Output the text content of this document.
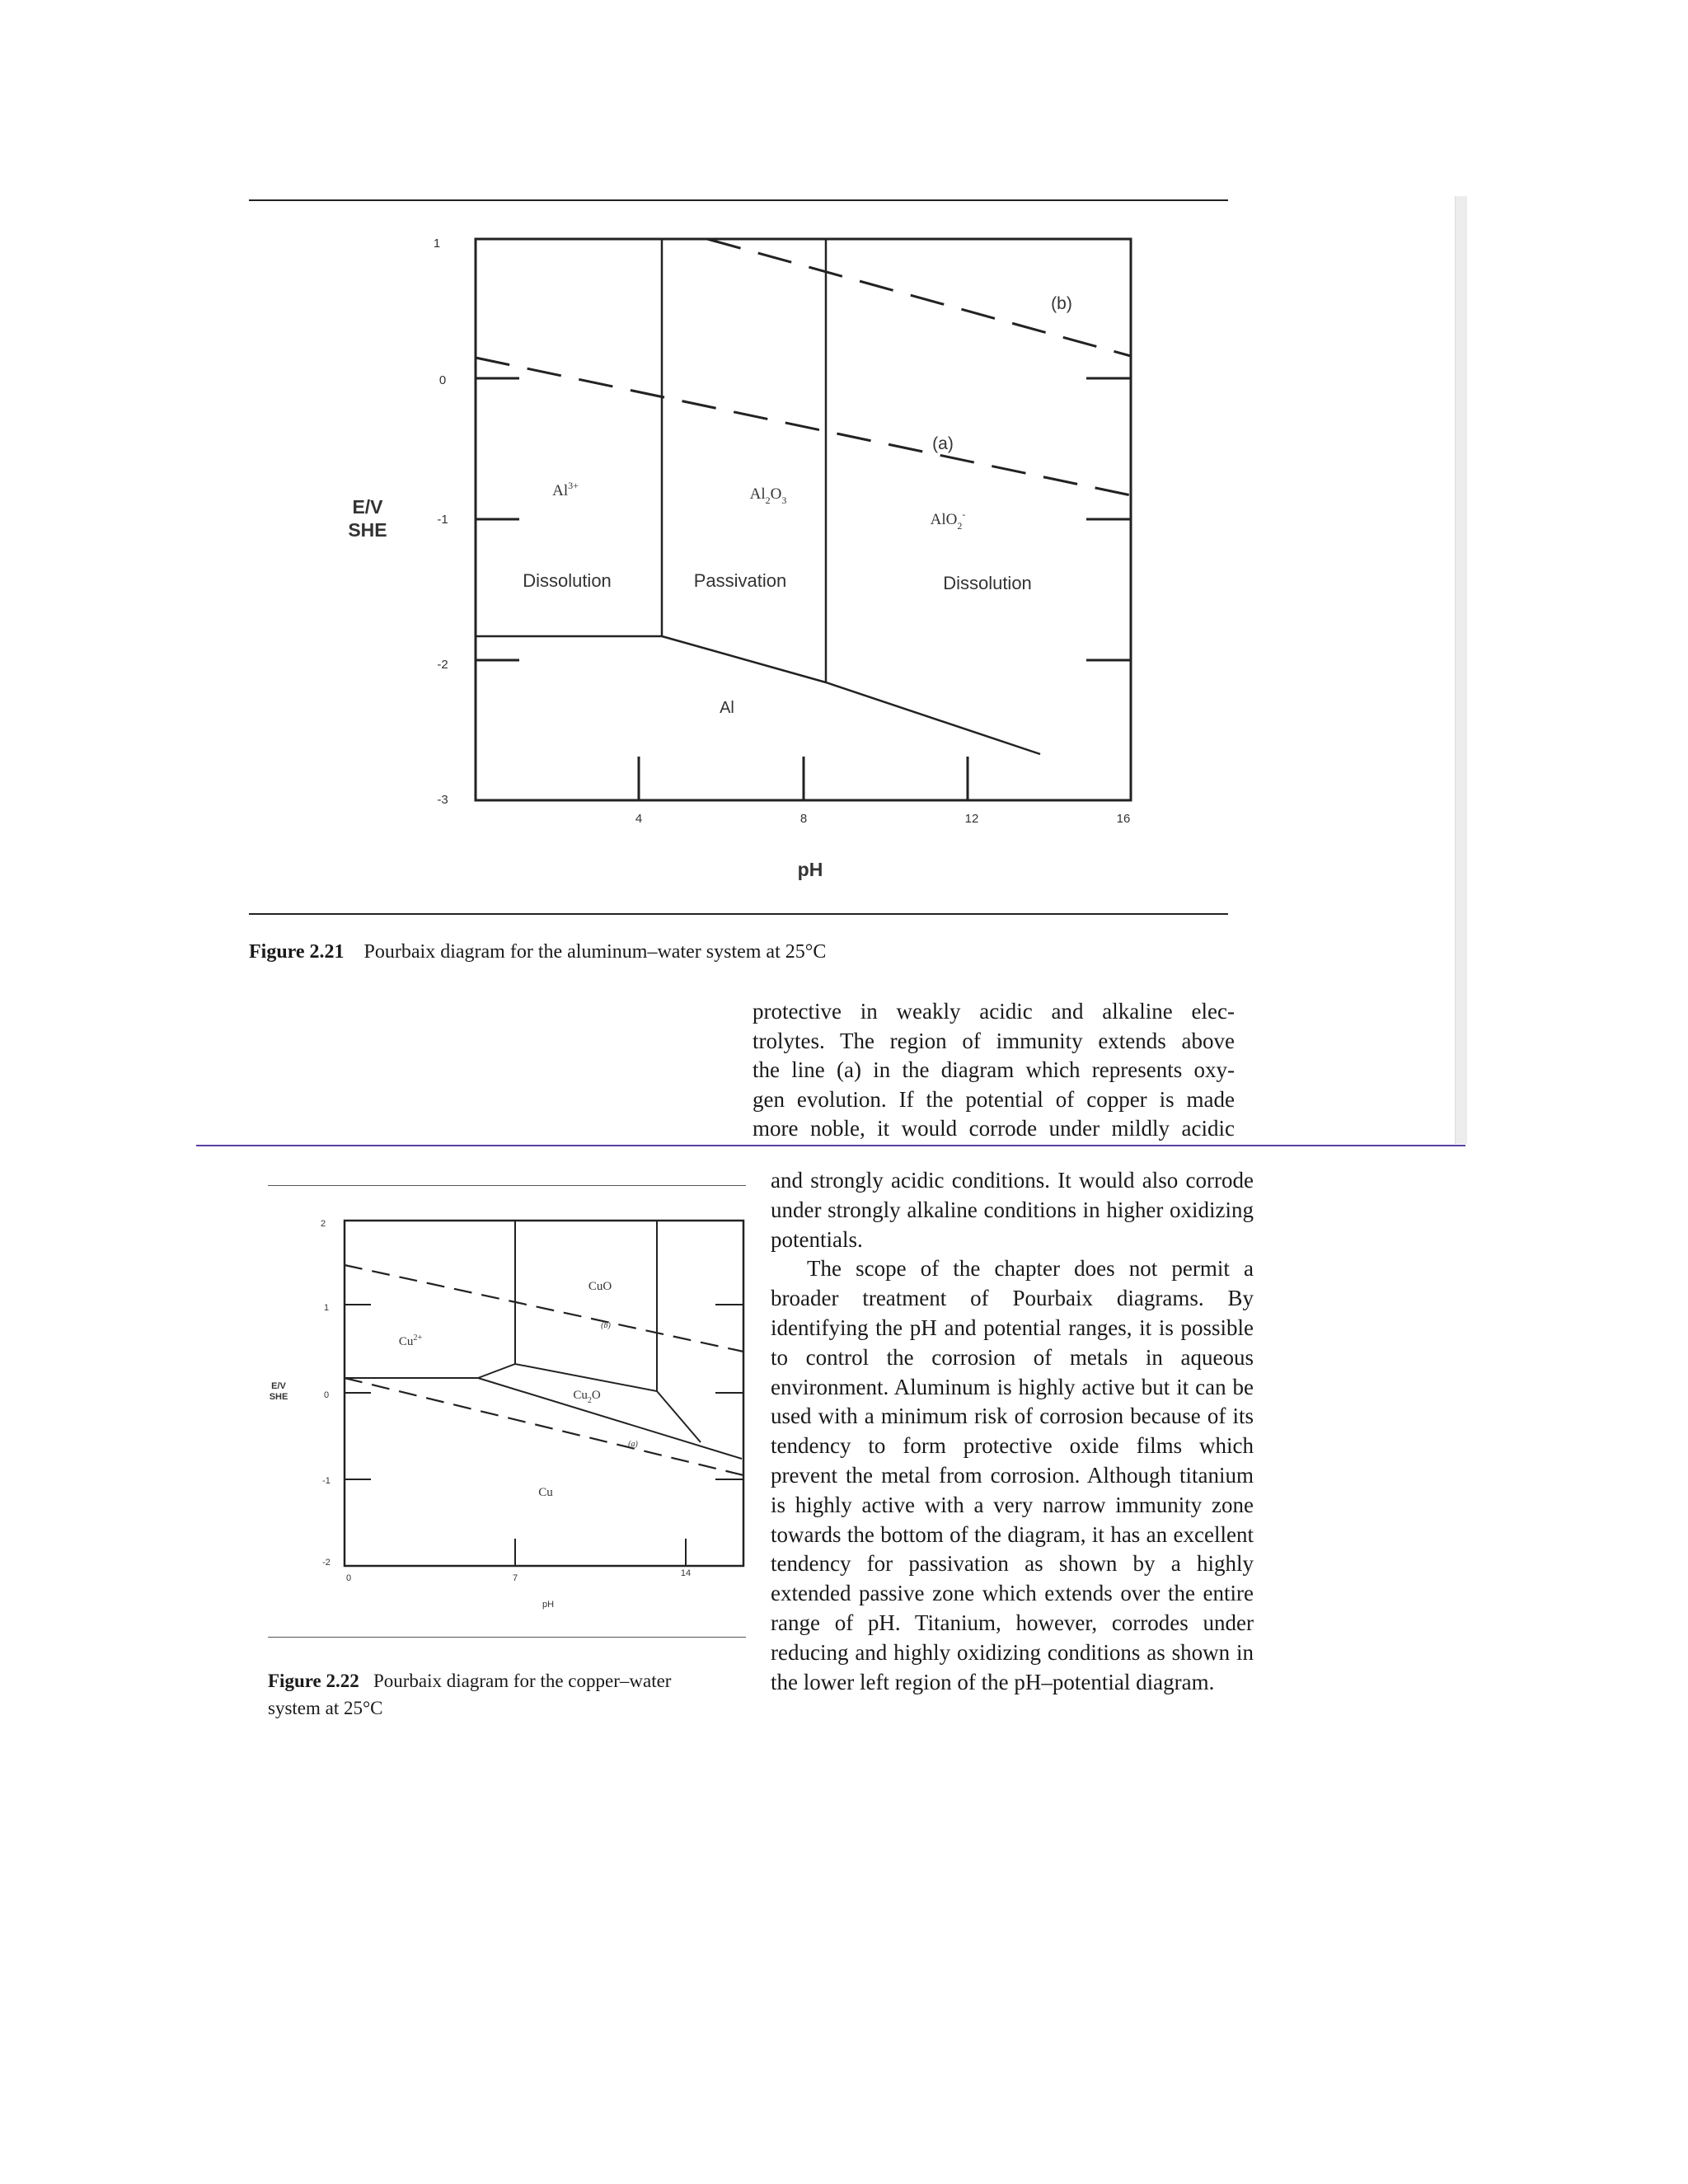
1
0
-1
-2
-3
4	8	12	16
E/V
SHE
pH
$Al^{3+}$
Dissolution
$Al_2O_3$
Passivation
AlO$_2$-
Dissolution
Al
(a)
(b)
Figure 2.21 Pourbaix diagram for the aluminum–water system at 25°C
protective in weakly acidic and alkaline elec-
trolytes. The region of immunity extends above
the line (a) in the diagram which represents oxy-
gen evolution. If the potential of copper is made
more noble, it would corrode under mildly acidic
2
1
0
-1
-2
0	7	14
E/V
SHE
pH
$Cu^{2+}$
CuO
$Cu_2O$
Cu
(b)
(a)
Figure 2.22 Pourbaix diagram for the copper–water
system at 25°C

and strongly acidic conditions. It would also corrode under strongly alkaline conditions in higher oxidizing potentials.

The scope of the chapter does not permit a broader treatment of Pourbaix diagrams. By identifying the pH and potential ranges, it is possible to control the corrosion of metals in aqueous environment. Aluminum is highly active but it can be used with a minimum risk of corrosion because of its tendency to form protective oxide films which prevent the metal from corrosion. Although titanium is highly active with a very narrow immunity zone towards the bottom of the diagram, it has an excellent tendency for passivation as shown by a highly extended passive zone which extends over the entire range of pH. Titanium, however, corrodes under reducing and highly oxidizing conditions as shown in the lower left region of the pH–potential diagram.
